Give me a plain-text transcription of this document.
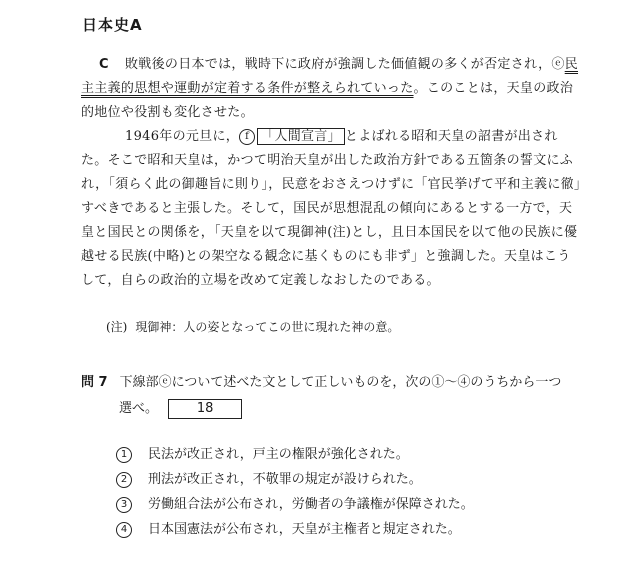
日本史A

C 敗戦後の日本では，戦時下に政府が強調した価値観の多くが否定され，ⓔ民主主義的思想や運動が定着する条件が整えられていった。このことは，天皇の政治的地位や役割も変化させた。

1946年の元旦に， f 「人間宣言」 とよばれる昭和天皇の詔書が出された。そこで昭和天皇は，かつて明治天皇が出した政治方針である五箇条の誓文にふれ，「須らく此の御趣旨に則り」，民意をおさえつけずに「官民挙げて平和主義に徹」すべきであると主張した。そして，国民が思想混乱の傾向にあるとする一方で，天皇と国民との関係を，「天皇を以て現御神(注)とし，且日本国民を以て他の民族に優越せる民族(中略)との架空なる観念に基くものにも非ず」と強調した。天皇はこうして，自らの政治的立場を改めて定義しなおしたのである。

(注) 現御神：人の姿となってこの世に現れた神の意。
問 7 下線部ⓔについて述べた文として正しいものを，次の①～④のうちから一つ
選べ。	18
1	民法が改正され，戸主の権限が強化された。
2	刑法が改正され，不敬罪の規定が設けられた。
3	労働組合法が公布され，労働者の争議権が保障された。
4	日本国憲法が公布され，天皇が主権者と規定された。
